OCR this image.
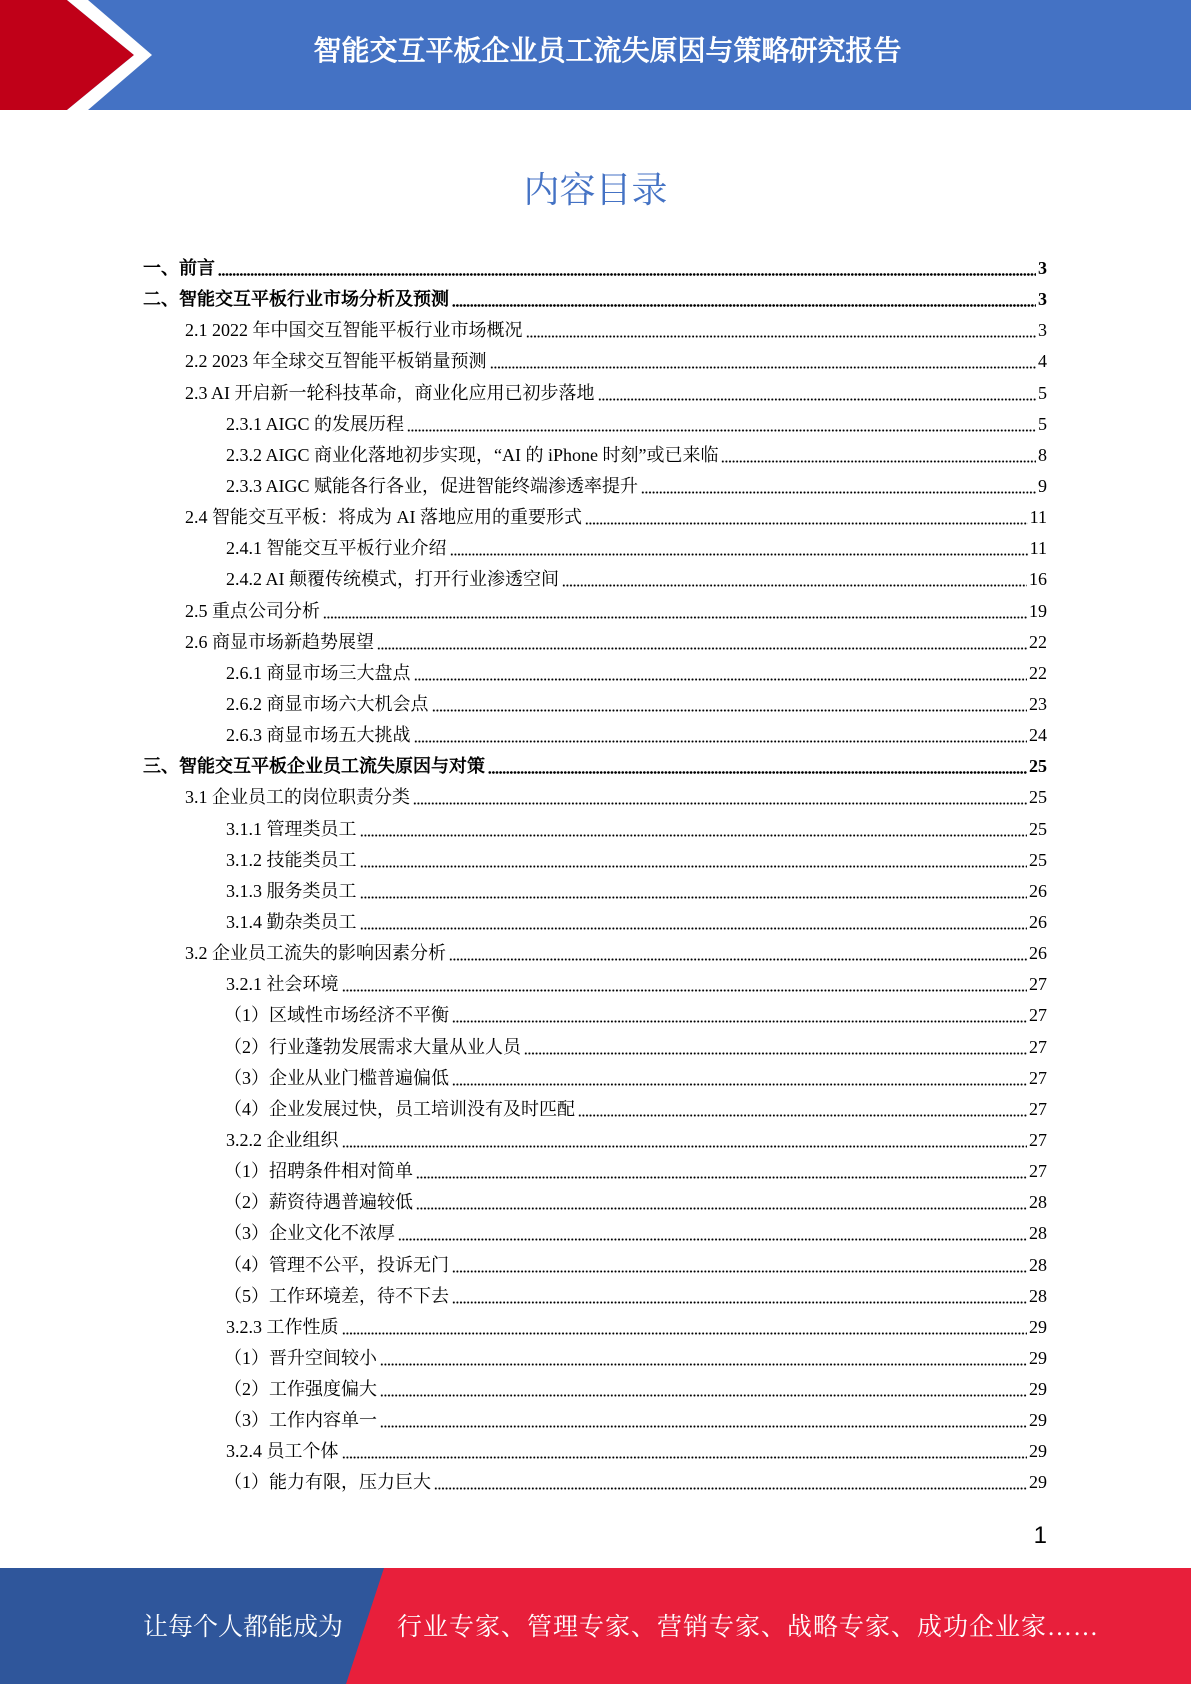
智能交互平板企业员工流失原因与策略研究报告
内容目录
一、前言	3
二、智能交互平板行业市场分析及预测	3
2.1 2022 年中国交互智能平板行业市场概况	3
2.2 2023 年全球交互智能平板销量预测	4
2.3 AI 开启新一轮科技革命，商业化应用已初步落地	5
2.3.1 AIGC 的发展历程	5
2.3.2 AIGC 商业化落地初步实现，“AI 的 iPhone 时刻”或已来临	8
2.3.3 AIGC 赋能各行各业，促进智能终端渗透率提升	9
2.4 智能交互平板：将成为 AI 落地应用的重要形式	11
2.4.1 智能交互平板行业介绍	11
2.4.2 AI 颠覆传统模式，打开行业渗透空间	16
2.5 重点公司分析	19
2.6 商显市场新趋势展望	22
2.6.1 商显市场三大盘点	22
2.6.2 商显市场六大机会点	23
2.6.3 商显市场五大挑战	24
三、智能交互平板企业员工流失原因与对策	25
3.1 企业员工的岗位职责分类	25
3.1.1 管理类员工	25
3.1.2 技能类员工	25
3.1.3 服务类员工	26
3.1.4 勤杂类员工	26
3.2 企业员工流失的影响因素分析	26
3.2.1 社会环境	27
（1）区域性市场经济不平衡	27
（2）行业蓬勃发展需求大量从业人员	27
（3）企业从业门槛普遍偏低	27
（4）企业发展过快，员工培训没有及时匹配	27
3.2.2 企业组织	27
（1）招聘条件相对简单	27
（2）薪资待遇普遍较低	28
（3）企业文化不浓厚	28
（4）管理不公平，投诉无门	28
（5）工作环境差，待不下去	28
3.2.3 工作性质	29
（1）晋升空间较小	29
（2）工作强度偏大	29
（3）工作内容单一	29
3.2.4 员工个体	29
（1）能力有限，压力巨大	29
1
让每个人都能成为 行业专家、管理专家、营销专家、战略专家、成功企业家……
